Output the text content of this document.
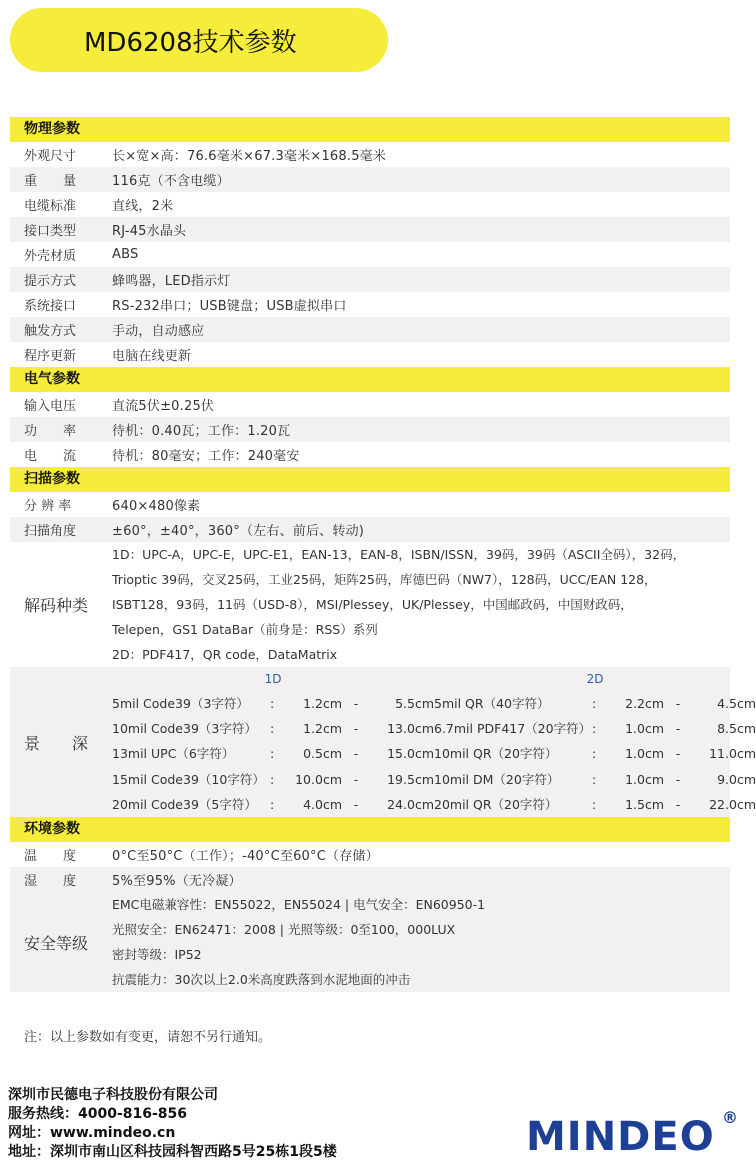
MD6208技术参数
物理参数
外观尺寸	长×宽×高：76.6毫米×67.3毫米×168.5毫米
重　　量	116克（不含电缆）
电缆标准	直线，2米
接口类型	RJ-45水晶头
外壳材质	ABS
提示方式	蜂鸣器，LED指示灯
系统接口	RS-232串口；USB键盘；USB虚拟串口
触发方式	手动，自动感应
程序更新	电脑在线更新
电气参数
输入电压	直流5伏±0.25伏
功　　率	待机：0.40瓦；工作：1.20瓦
电　　流	待机：80毫安；工作：240毫安
扫描参数
分 辨 率	640×480像素
扫描角度	±60°，±40°，360°（左右、前后、转动)
解码种类
1D：UPC-A，UPC-E，UPC-E1，EAN-13，EAN-8，ISBN/ISSN，39码，39码（ASCII全码），32码，
Trioptic 39码，交叉25码，工业25码，矩阵25码，库德巴码（NW7），128码，UCC/EAN 128，
ISBT128，93码，11码（USD-8），MSI/Plessey，UK/Plessey，中国邮政码，中国财政码，
Telepen，GS1 DataBar（前身是：RSS）系列
2D：PDF417，QR code，DataMatrix
景　　深
1D
5mil Code39（3字符）	:	1.2cm -	5.5cm
10mil Code39（3字符）	:	1.2cm -	13.0cm
13mil UPC（6字符）	:	0.5cm -	15.0cm
15mil Code39（10字符） :	10.0cm -	19.5cm
20mil Code39（5字符）	:	4.0cm -	24.0cm
2D
5mil QR（40字符）	:	2.2cm -	4.5cm
6.7mil PDF417（20字符） :	1.0cm -	8.5cm
10mil QR（20字符）	:	1.0cm -	11.0cm
10mil DM（20字符）	:	1.0cm -	9.0cm
20mil QR（20字符）	:	1.5cm -	22.0cm
环境参数
温　　度	0°C至50°C（工作）；-40°C至60°C（存储）
湿　　度	5%至95%（无冷凝）
安全等级
EMC电磁兼容性：EN55022，EN55024 | 电气安全：EN60950-1
光照安全：EN62471：2008 | 光照等级：0至100，000LUX
密封等级：IP52
抗震能力：30次以上2.0米高度跌落到水泥地面的冲击
注：以上参数如有变更，请恕不另行通知。
深圳市民德电子科技股份有限公司
服务热线：4000-816-856
网址：www.mindeo.cn
地址：深圳市南山区科技园科智西路5号25栋1段5楼	MINDEO ®
